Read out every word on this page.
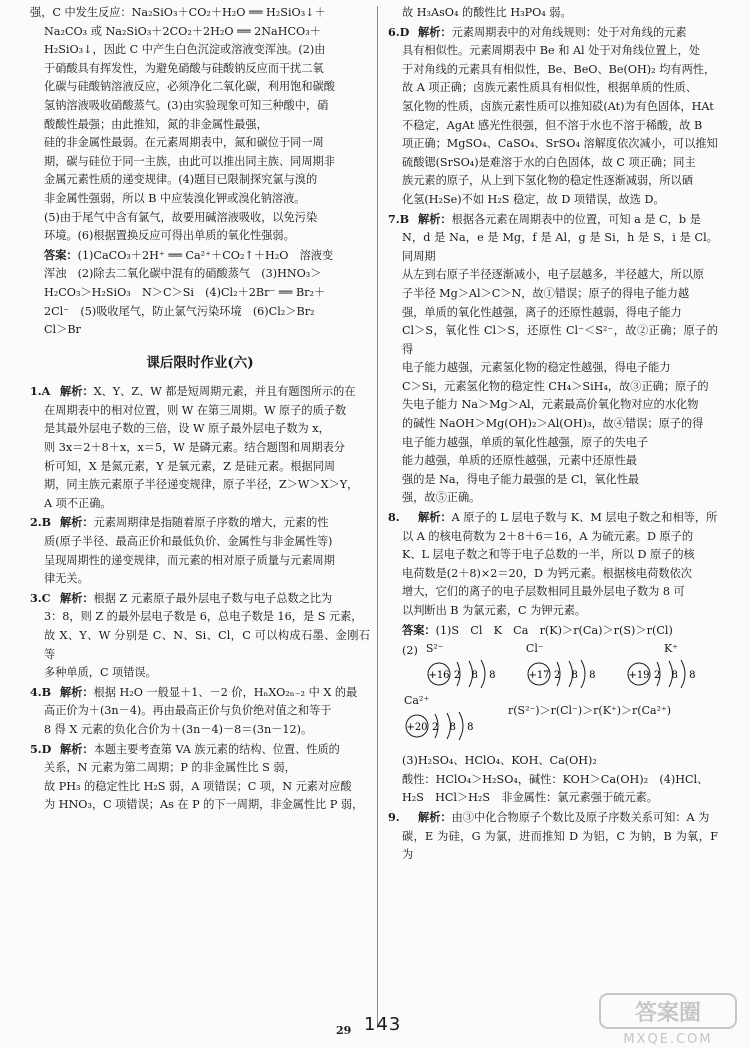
强，C 中发生反应：Na₂SiO₃＋CO₂＋H₂O ══ H₂SiO₃↓＋

Na₂CO₃ 或 Na₂SiO₃＋2CO₂＋2H₂O ══ 2NaHCO₃＋

H₂SiO₃↓，因此 C 中产生白色沉淀或溶液变浑浊。(2)由

于硝酸具有挥发性，为避免硝酸与硅酸钠反应而干扰二氧

化碳与硅酸钠溶液反应，必须净化二氧化碳，利用饱和碳酸

氢钠溶液吸收硝酸蒸气。(3)由实验现象可知三种酸中，硝

酸酸性最强；由此推知，氮的非金属性最强，

硅的非金属性最弱。在元素周期表中，氮和碳位于同一周

期，碳与硅位于同一主族，由此可以推出同主族、同周期非

金属元素性质的递变规律。(4)题目已限制探究氯与溴的

非金属性强弱，所以 B 中应装溴化钾或溴化钠溶液。

(5)由于尾气中含有氯气，故要用碱溶液吸收，以免污染

环境。(6)根据置换反应可得出单质的氧化性强弱。

答案：(1)CaCO₃＋2H⁺ ══ Ca²⁺＋CO₂↑＋H₂O　溶液变

浑浊　(2)除去二氧化碳中混有的硝酸蒸气　(3)HNO₃＞

H₂CO₃＞H₂SiO₃　N＞C＞Si　(4)Cl₂＋2Br⁻ ══ Br₂＋

2Cl⁻　(5)吸收尾气，防止氯气污染环境　(6)Cl₂＞Br₂

Cl＞Br

课后限时作业(六)
1.A 解析：X、Y、Z、W 都是短周期元素，并且有题图所示的在

在周期表中的相对位置，则 W 在第三周期。W 原子的质子数

是其最外层电子数的三倍，设 W 原子最外层电子数为 x，

则 3x＝2＋8＋x，x＝5，W 是磷元素。结合题图和周期表分

析可知，X 是氮元素，Y 是氧元素，Z 是硅元素。根据同周

期，同主族元素原子半径递变规律，原子半径，Z＞W＞X＞Y，

A 项不正确。

2.B 解析：元素周期律是指随着原子序数的增大，元素的性

质(原子半径、最高正价和最低负价、金属性与非金属性等)

呈现周期性的递变规律，而元素的相对原子质量与元素周期

律无关。

3.C 解析：根据 Z 元素原子最外层电子数与电子总数之比为

3：8，则 Z 的最外层电子数是 6，总电子数是 16，是 S 元素，

故 X、Y、W 分别是 C、N、Si、Cl，C 可以构成石墨、金刚石等

多种单质，C 项错误。

4.B 解析：根据 H₂O 一般显＋1、－2 价，HₙXO₂ₙ₋₂ 中 X 的最

高正价为＋(3n－4)。再由最高正价与负价绝对值之和等于

8 得 X 元素的负化合价为＋(3n－4)－8＝(3n－12)。

5.D 解析：本题主要考查第 VA 族元素的结构、位置、性质的

关系，N 元素为第二周期；P 的非金属性比 S 弱，

故 PH₃ 的稳定性比 H₂S 弱，A 项错误；C 项，N 元素对应酸

为 HNO₃，C 项错误；As 在 P 的下一周期，非金属性比 P 弱，

故 H₃AsO₄ 的酸性比 H₃PO₄ 弱。

6.D 解析：元素周期表中的对角线规则：处于对角线的元素

具有相似性。元素周期表中 Be 和 Al 处于对角线位置上，处

于对角线的元素具有相似性，Be、BeO、Be(OH)₂ 均有两性，

故 A 项正确；卤族元素性质具有相似性，根据单质的性质、

氢化物的性质，卤族元素性质可以推知砹(At)为有色固体，HAt

不稳定，AgAt 感光性很强，但不溶于水也不溶于稀酸，故 B

项正确；MgSO₄、CaSO₄、SrSO₄ 溶解度依次减小，可以推知

硫酸锶(SrSO₄)是难溶于水的白色固体，故 C 项正确；同主

族元素的原子，从上到下氢化物的稳定性逐渐减弱，所以硒

化氢(H₂Se)不如 H₂S 稳定，故 D 项错误，故选 D。

7.B 解析：根据各元素在周期表中的位置，可知 a 是 C，b 是

N，d 是 Na，e 是 Mg，f 是 Al，g 是 Si，h 是 S，i 是 Cl。同周期

从左到右原子半径逐渐减小，电子层越多，半径越大，所以原

子半径 Mg＞Al＞C＞N，故①错误；原子的得电子能力越

强，单质的氧化性越强，离子的还原性越弱，得电子能力

Cl＞S，氧化性 Cl＞S，还原性 Cl⁻＜S²⁻，故②正确；原子的得

电子能力越强，元素氢化物的稳定性越强，得电子能力

C＞Si，元素氢化物的稳定性 CH₄＞SiH₄，故③正确；原子的

失电子能力 Na＞Mg＞Al，元素最高价氧化物对应的水化物

的碱性 NaOH＞Mg(OH)₂＞Al(OH)₃，故④错误；原子的得

电子能力越强，单质的氧化性越强，原子的失电子

能力越强，单质的还原性越强，元素中还原性最

强的是 Na，得电子能力最强的是 Cl，氧化性最

强，故⑤正确。

8.	解析：A 原子的 L 层电子数与 K、M 层电子数之和相等，所

以 A 的核电荷数为 2＋8＋6＝16，A 为硫元素。D 原子的

K、L 层电子数之和等于电子总数的一半，所以 D 原子的核

电荷数是(2＋8)×2＝20，D 为钙元素。根据核电荷数依次

增大，它们的离子的电子层数相同且最外层电子数为 8 可

以判断出 B 为氯元素，C 为钾元素。

答案：(1)S　Cl　K　Ca　r(K)＞r(Ca)＞r(S)＞r(Cl)

(2) S²⁻
+16 2 8 8
Cl⁻
+17 2 8 8
K⁺
+19 2 8 8
Ca²⁺
+20 2 8 8
r(S²⁻)＞r(Cl⁻)＞r(K⁺)＞r(Ca²⁺)

(3)H₂SO₄、HClO₄、KOH、Ca(OH)₂

酸性：HClO₄＞H₂SO₄，碱性：KOH＞Ca(OH)₂　(4)HCl、

H₂S　HCl＞H₂S　非金属性：氯元素强于硫元素。

9.	解析：由③中化合物原子个数比及原子序数关系可知：A 为

碳，E 为硅，G 为氯，进而推知 D 为铝，C 为钠，B 为氧，F 为

29 143	答案圈
MXQE.COM
